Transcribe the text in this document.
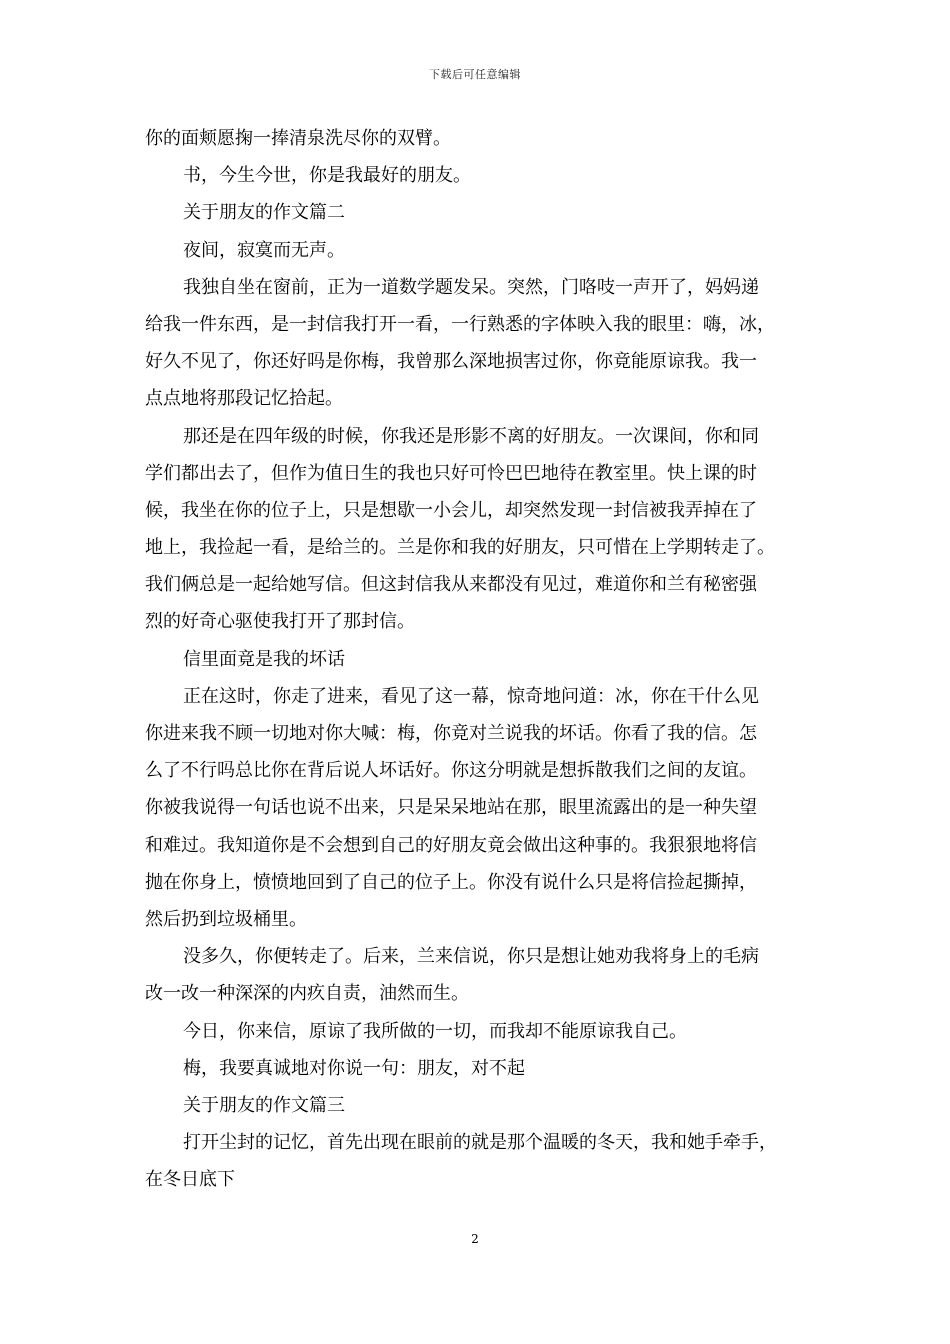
下载后可任意编辑
你的面颊愿掬一捧清泉洗尽你的双臂。
书，今生今世，你是我最好的朋友。
关于朋友的作文篇二
夜间，寂寞而无声。
我独自坐在窗前，正为一道数学题发呆。突然，门咯吱一声开了，妈妈递
给我一件东西，是一封信我打开一看，一行熟悉的字体映入我的眼里：嗨，冰，
好久不见了，你还好吗是你梅，我曾那么深地损害过你，你竟能原谅我。我一
点点地将那段记忆拾起。
那还是在四年级的时候，你我还是形影不离的好朋友。一次课间，你和同
学们都出去了，但作为值日生的我也只好可怜巴巴地待在教室里。快上课的时
候，我坐在你的位子上，只是想歇一小会儿，却突然发现一封信被我弄掉在了
地上，我捡起一看，是给兰的。兰是你和我的好朋友，只可惜在上学期转走了。
我们俩总是一起给她写信。但这封信我从来都没有见过，难道你和兰有秘密强
烈的好奇心驱使我打开了那封信。
信里面竟是我的坏话
正在这时，你走了进来，看见了这一幕，惊奇地问道：冰，你在干什么见
你进来我不顾一切地对你大喊：梅，你竟对兰说我的坏话。你看了我的信。怎
么了不行吗总比你在背后说人坏话好。你这分明就是想拆散我们之间的友谊。
你被我说得一句话也说不出来，只是呆呆地站在那，眼里流露出的是一种失望
和难过。我知道你是不会想到自己的好朋友竟会做出这种事的。我狠狠地将信
抛在你身上，愤愤地回到了自己的位子上。你没有说什么只是将信捡起撕掉，
然后扔到垃圾桶里。
没多久，你便转走了。后来，兰来信说，你只是想让她劝我将身上的毛病
改一改一种深深的内疚自责，油然而生。
今日，你来信，原谅了我所做的一切，而我却不能原谅我自己。
梅，我要真诚地对你说一句：朋友，对不起
关于朋友的作文篇三
打开尘封的记忆，首先出现在眼前的就是那个温暖的冬天，我和她手牵手，
在冬日底下
2
